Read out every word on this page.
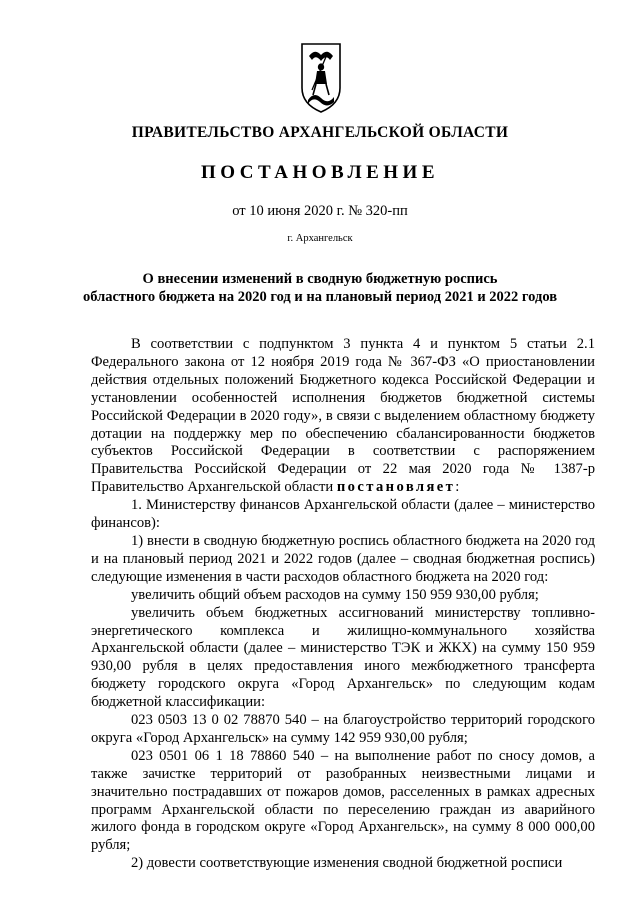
ПРАВИТЕЛЬСТВО АРХАНГЕЛЬСКОЙ ОБЛАСТИ
ПОСТАНОВЛЕНИЕ
от 10 июня 2020 г. № 320-пп
г. Архангельск
О внесении изменений в сводную бюджетную роспись
областного бюджета на 2020 год и на плановый период 2021 и 2022 годов

В соответствии с подпунктом 3 пункта 4 и пунктом 5 статьи 2.1 Федерального закона от 12 ноября 2019 года № 367-ФЗ «О приостановлении действия отдельных положений Бюджетного кодекса Российской Федерации и установлении особенностей исполнения бюджетов бюджетной системы Российской Федерации в 2020 году», в связи с выделением областному бюджету дотации на поддержку мер по обеспечению сбалансированности бюджетов субъектов Российской Федерации в соответствии с распоряжением Правительства Российской Федерации от 22 мая 2020 года № 1387-р Правительство Архангельской области постановляет:

1. Министерству финансов Архангельской области (далее – министерство финансов):

1) внести в сводную бюджетную роспись областного бюджета на 2020 год и на плановый период 2021 и 2022 годов (далее – сводная бюджетная роспись) следующие изменения в части расходов областного бюджета на 2020 год:

увеличить общий объем расходов на сумму 150 959 930,00 рубля;

увеличить объем бюджетных ассигнований министерству топливно-энергетического комплекса и жилищно-коммунального хозяйства Архангельской области (далее – министерство ТЭК и ЖКХ) на сумму 150 959 930,00 рубля в целях предоставления иного межбюджетного трансферта бюджету городского округа «Город Архангельск» по следующим кодам бюджетной классификации:

023 0503 13 0 02 78870 540 – на благоустройство территорий городского округа «Город Архангельск» на сумму 142 959 930,00 рубля;

023 0501 06 1 18 78860 540 – на выполнение работ по сносу домов, а также зачистке территорий от разобранных неизвестными лицами и значительно пострадавших от пожаров домов, расселенных в рамках адресных программ Архангельской области по переселению граждан из аварийного жилого фонда в городском округе «Город Архангельск», на сумму 8 000 000,00 рубля;

2) довести соответствующие изменения сводной бюджетной росписи
